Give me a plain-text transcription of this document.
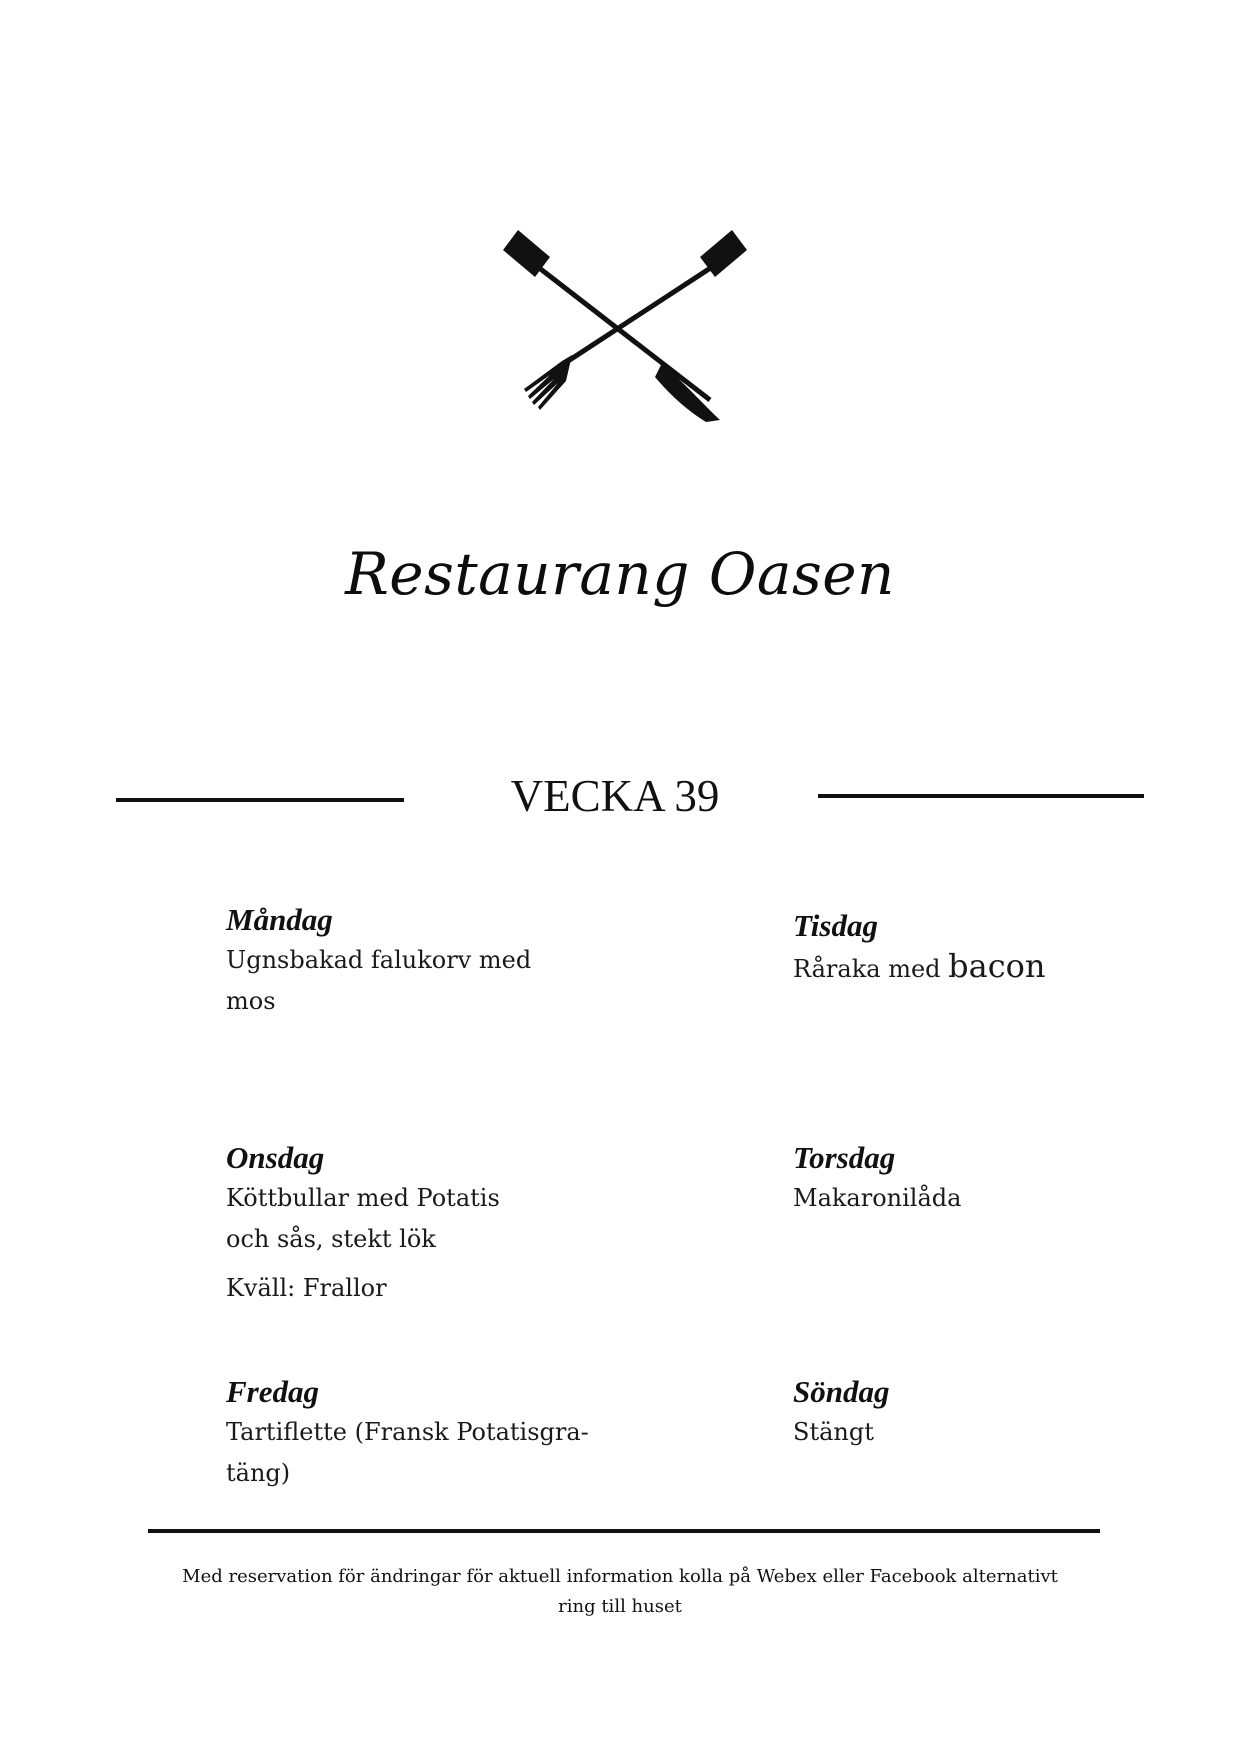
Restaurang Oasen
VECKA 39
Måndag
Ugnsbakad falukorv med
mos
Tisdag
Råraka med bacon
Onsdag
Köttbullar med Potatis
och sås, stekt lök
Kväll: Frallor
Torsdag
Makaronilåda
Fredag
Tartiflette (Fransk Potatisgra-
täng)
Söndag
Stängt
Med reservation för ändringar för aktuell information kolla på Webex eller Facebook alternativt
ring till huset
